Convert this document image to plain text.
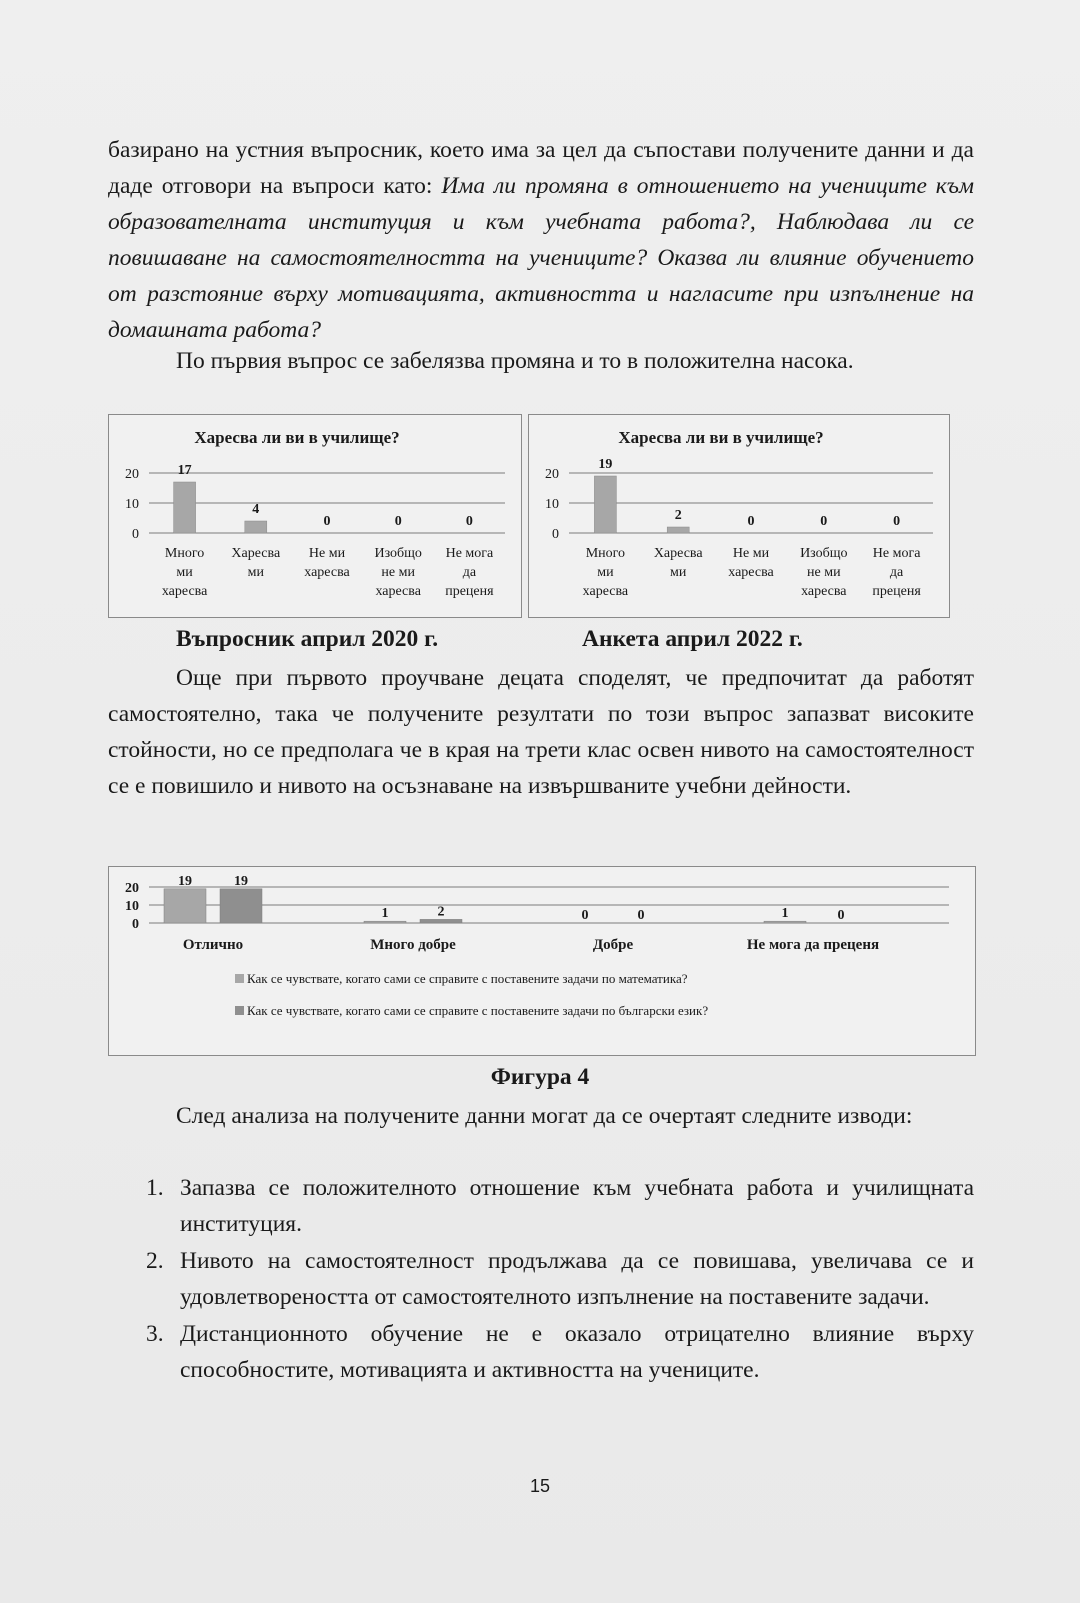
базирано на устния въпросник, което има за цел да съпостави получените данни и да даде отговори на въпроси като: Има ли промяна в отношението на учениците към образователната институция и към учебната работа?, Наблюдава ли се повишаване на самостоятелността на учениците? Оказва ли влияние обучението от разстояние върху мотивацията, активността и нагласите при изпълнение на домашната работа?

По първия въпрос се забелязва промяна и то в положителна насока.

Харесва ли ви в училище?
20
10
0
17
Много
ми
харесва
4
Харесва
ми
0
Не ми
харесва
0
Изобщо
не ми
харесва
0
Не мога
да
преценя
Харесва ли ви в училище?
20
10
0
19
Много
ми
харесва
2
Харесва
ми
0
Не ми
харесва
0
Изобщо
не ми
харесва
0
Не мога
да
преценя
Въпросник април 2020 г.	Анкета април 2022 г.

Още при първото проучване децата споделят, че предпочитат да работят самостоятелно, така че получените резултати по този въпрос запазват високите стойности, но се предполага че в края на трети клас освен нивото на самостоятелност се е повишило и нивото на осъзнаване на извършваните учебни дейности.

20
10
0
19	19
Отлично
1	2
Много добре
0	0
Добре
1	0
Не мога да преценя
Как се чувствате, когато сами се справите с поставените задачи по математика?
Как се чувствате, когато сами се справите с поставените задачи по български език?
Фигура 4

След анализа на получените данни могат да се очертаят следните изводи:

1. Запазва се положителното отношение към учебната работа и училищната институция.
2. Нивото на самостоятелност продължава да се повишава, увеличава се и удовлетвореността от самостоятелното изпълнение на поставените задачи.
3. Дистанционното обучение не е оказало отрицателно влияние върху способностите, мотивацията и активността на учениците.
15
